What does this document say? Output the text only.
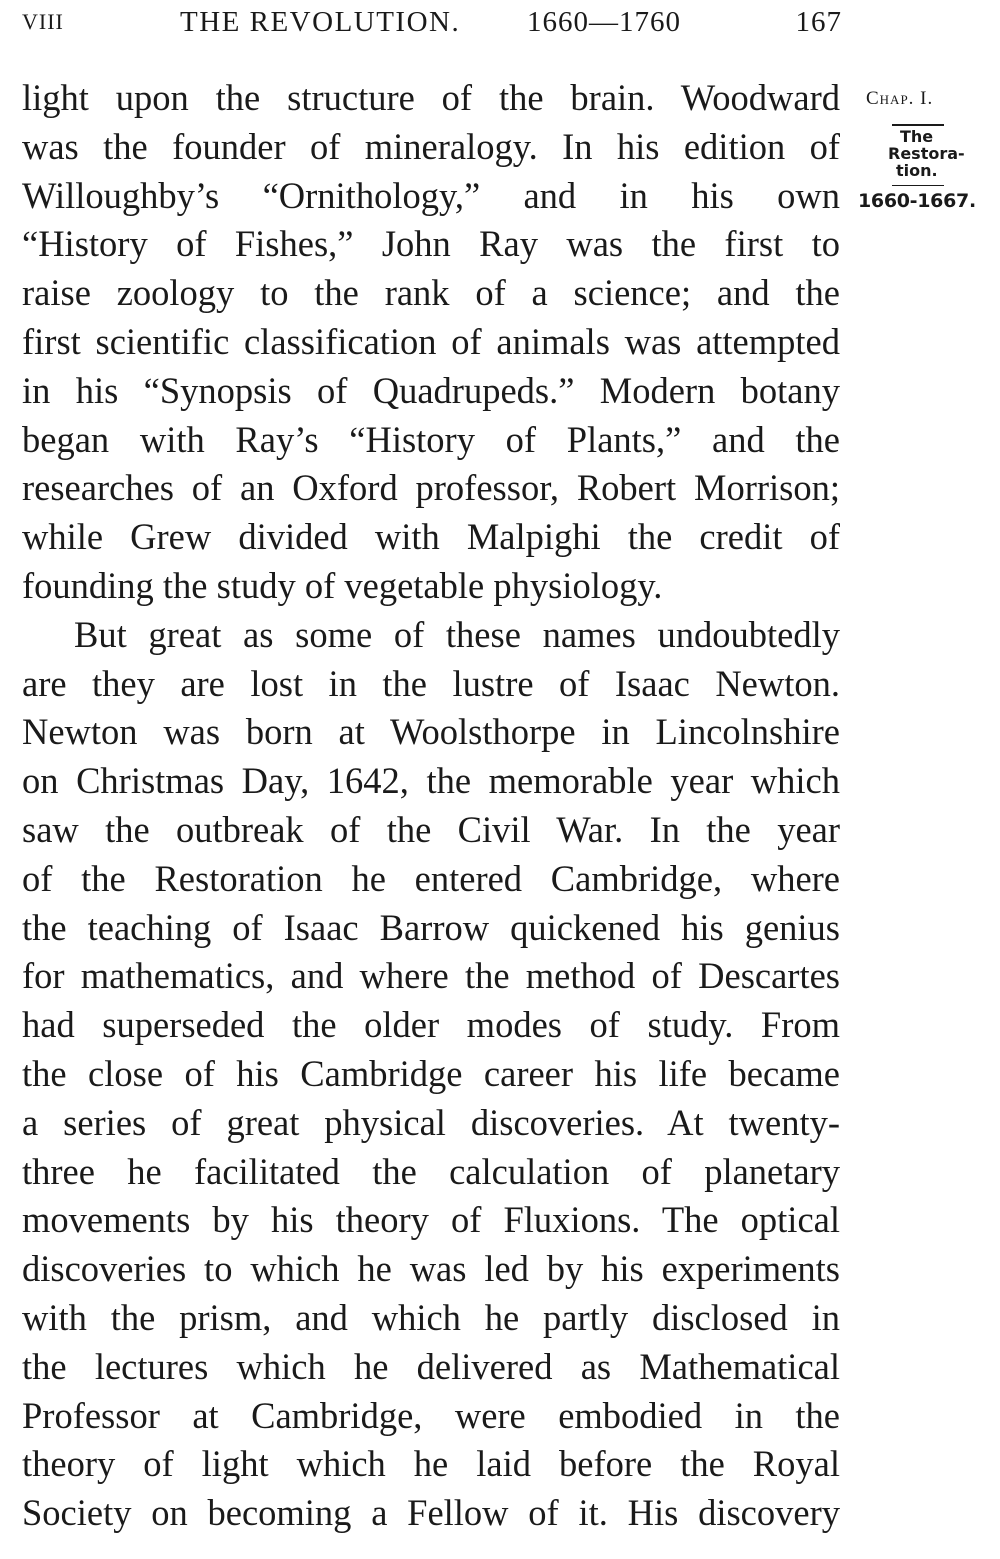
VIII	THE REVOLUTION. 1660—1760	167
Chap. I.
The
Restora-
tion.
1660-1667.
light upon the structure of the brain. Woodward
was the founder of mineralogy. In his edition of
Willoughby’s “Ornithology,” and in his own
“History of Fishes,” John Ray was the first to
raise zoology to the rank of a science; and the
first scientific classification of animals was attempted
in his “Synopsis of Quadrupeds.” Modern botany
began with Ray’s “History of Plants,” and the
researches of an Oxford professor, Robert Morrison;
while Grew divided with Malpighi the credit of
founding the study of vegetable physiology.
But great as some of these names undoubtedly
are they are lost in the lustre of Isaac Newton.
Newton was born at Woolsthorpe in Lincolnshire
on Christmas Day, 1642, the memorable year which
saw the outbreak of the Civil War. In the year
of the Restoration he entered Cambridge, where
the teaching of Isaac Barrow quickened his genius
for mathematics, and where the method of Descartes
had superseded the older modes of study. From
the close of his Cambridge career his life became
a series of great physical discoveries. At twenty-
three he facilitated the calculation of planetary
movements by his theory of Fluxions. The optical
discoveries to which he was led by his experiments
with the prism, and which he partly disclosed in
the lectures which he delivered as Mathematical
Professor at Cambridge, were embodied in the
theory of light which he laid before the Royal
Society on becoming a Fellow of it. His discovery
